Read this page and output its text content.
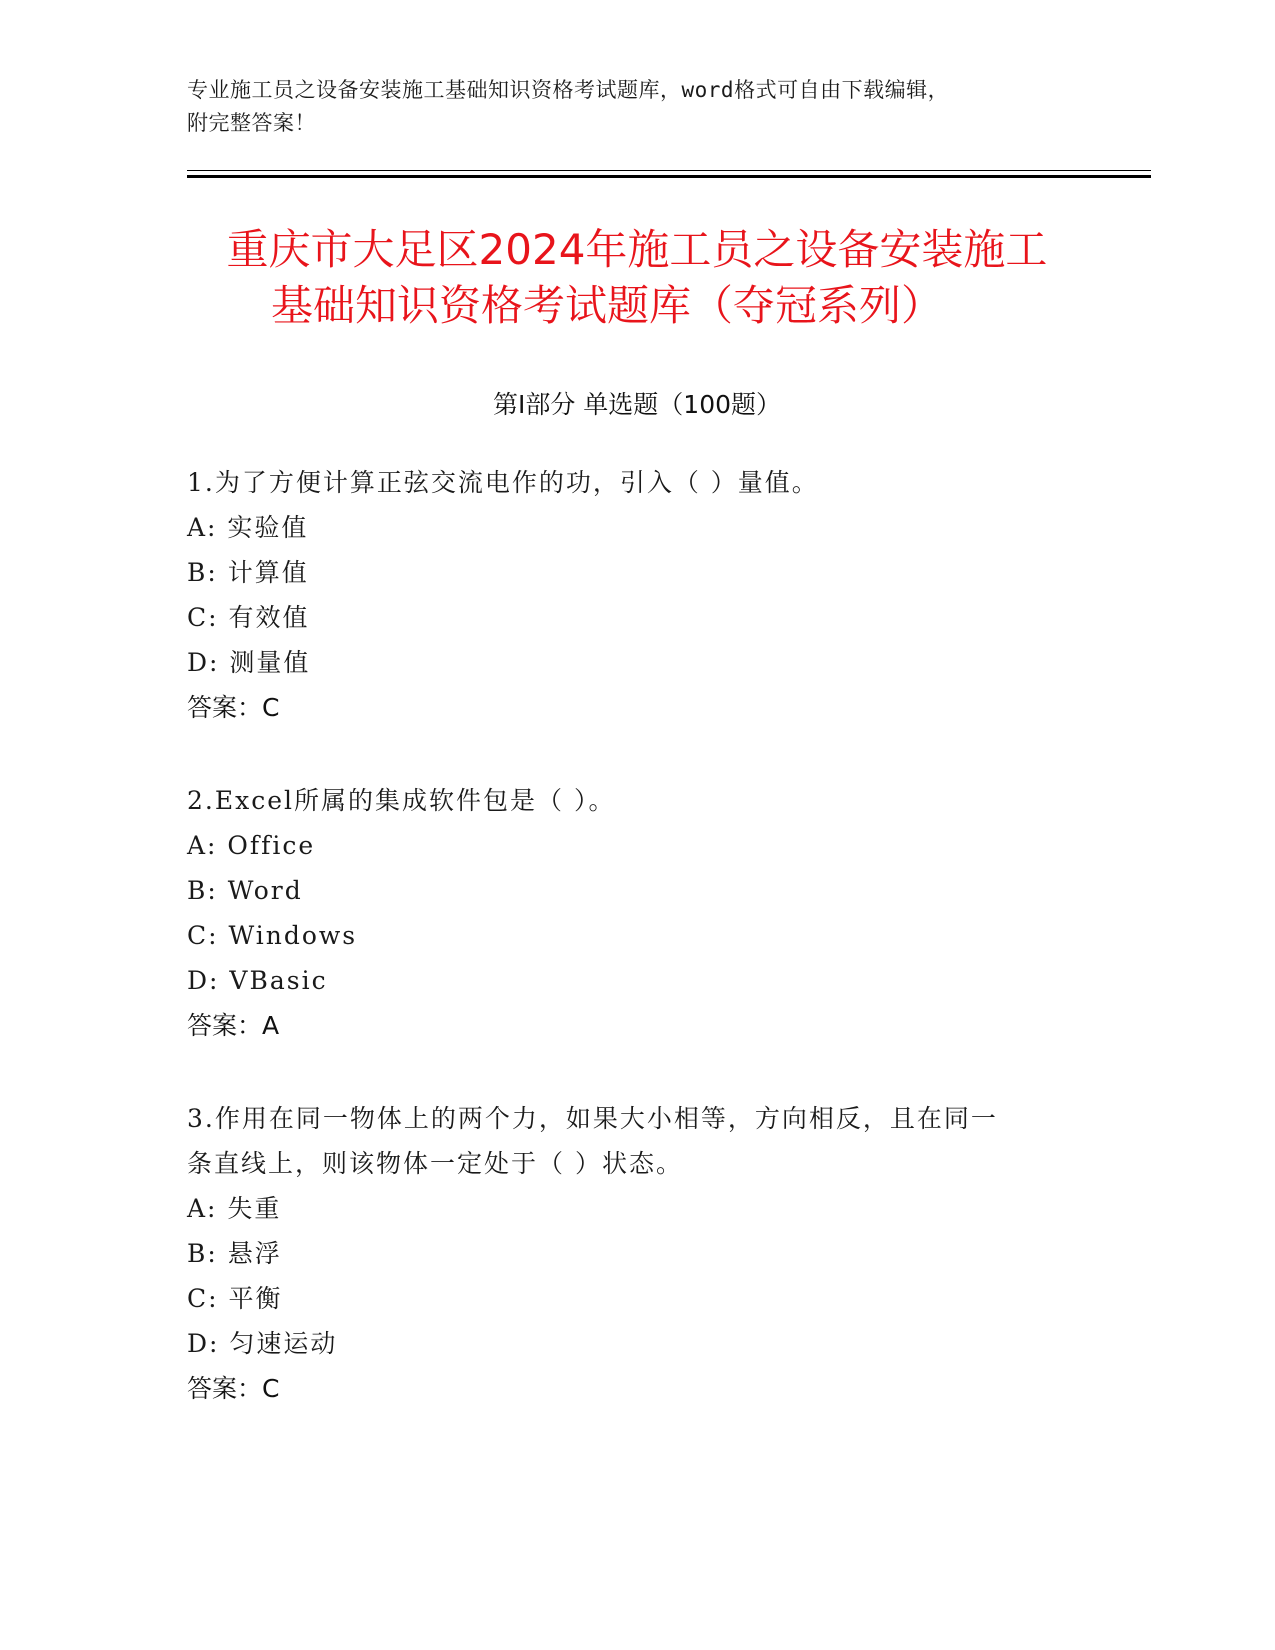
专业施工员之设备安装施工基础知识资格考试题库，word格式可自由下载编辑，
附完整答案！
重庆市大足区2024年施工员之设备安装施工
基础知识资格考试题库（夺冠系列）
第Ⅰ部分 单选题（100题）
1.为了方便计算正弦交流电作的功，引入（ ）量值。
A: 实验值
B: 计算值
C: 有效值
D: 测量值
答案：C
2.Excel所属的集成软件包是（ ）。
A: Office
B: Word
C: Windows
D: VBasic
答案：A
3.作用在同一物体上的两个力，如果大小相等，方向相反，且在同一
条直线上，则该物体一定处于（ ）状态。
A: 失重
B: 悬浮
C: 平衡
D: 匀速运动
答案：C
